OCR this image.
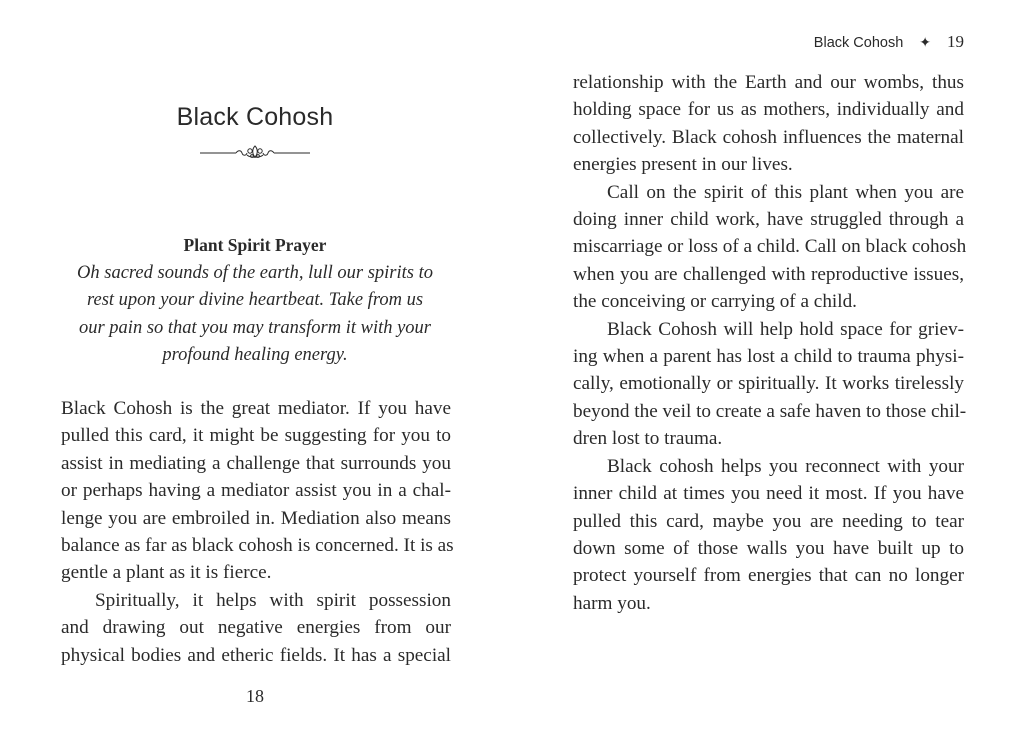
Black Cohosh
Plant Spirit Prayer
Oh sacred sounds of the earth, lull our spirits to
rest upon your divine heartbeat. Take from us
our pain so that you may transform it with your
profound healing energy.

Black Cohosh is the great mediator. If you have
pulled this card, it might be suggesting for you to
assist in mediating a challenge that surrounds you
or perhaps having a mediator assist you in a chal-
lenge you are embroiled in. Mediation also means
balance as far as black cohosh is concerned. It is as
gentle a plant as it is fierce.

Spiritually, it helps with spirit possession
and drawing out negative energies from our
physical bodies and etheric fields. It has a special

18
Black Cohosh ✦ 19

relationship with the Earth and our wombs, thus
holding space for us as mothers, individually and
collectively. Black cohosh influences the maternal
energies present in our lives.

Call on the spirit of this plant when you are
doing inner child work, have struggled through a
miscarriage or loss of a child. Call on black cohosh
when you are challenged with reproductive issues,
the conceiving or carrying of a child.

Black Cohosh will help hold space for griev-
ing when a parent has lost a child to trauma physi-
cally, emotionally or spiritually. It works tirelessly
beyond the veil to create a safe haven to those chil-
dren lost to trauma.

Black cohosh helps you reconnect with your
inner child at times you need it most. If you have
pulled this card, maybe you are needing to tear
down some of those walls you have built up to
protect yourself from energies that can no longer
harm you.
